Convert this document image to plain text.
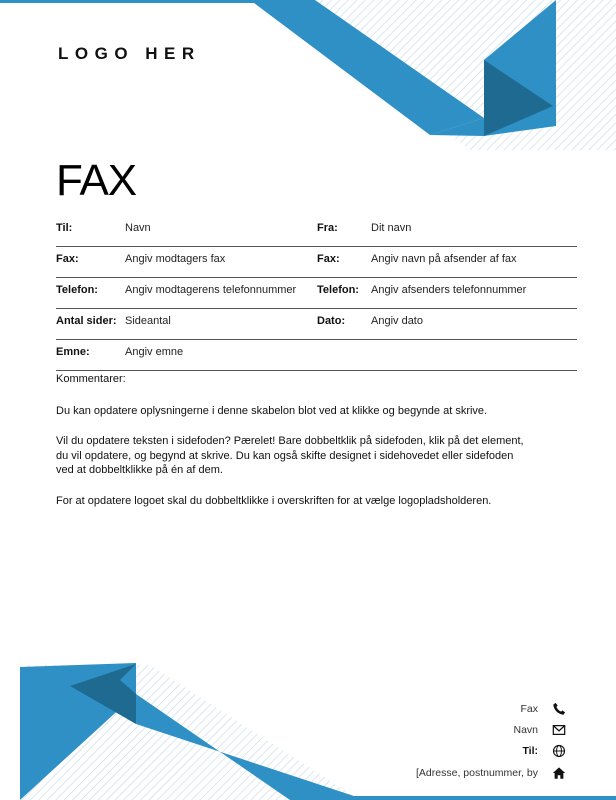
LOGO HER
FAX
Til:	Navn	Fra:	Dit navn
Fax:	Angiv modtagers fax	Fax:	Angiv navn på afsender af fax
Telefon: Angiv modtagerens telefonnummer Telefon: Angiv afsenders telefonnummer
Antal sider: Sideantal	Dato: Angiv dato
Emne:	Angiv emne
Kommentarer:
Du kan opdatere oplysningerne i denne skabelon blot ved at klikke og begynde at skrive.
Vil du opdatere teksten i sidefoden? Pærelet! Bare dobbeltklik på sidefoden, klik på det element, du vil opdatere, og begynd at skrive. Du kan også skifte designet i sidehovedet eller sidefoden ved at dobbeltklikke på én af dem.
For at opdatere logoet skal du dobbeltklikke i overskriften for at vælge logopladsholderen.
Fax
Navn
Til:
[Adresse, postnummer, by
